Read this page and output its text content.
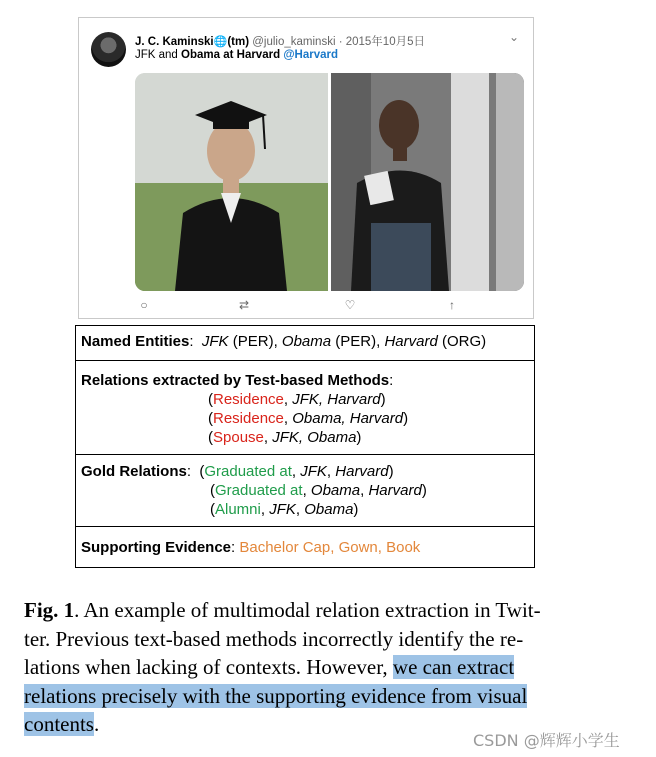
J. C. Kaminski🌐(tm) @julio_kaminski · 2015年10月5日	⌄
JFK and Obama at Harvard @Harvard
○	⇄	♡	↑
Named Entities:  JFK (PER), Obama (PER), Harvard (ORG)
Relations extracted by Test-based Methods:
(Residence, JFK, Harvard)
(Residence, Obama, Harvard)
(Spouse, JFK, Obama)
Gold Relations:  (Graduated at, JFK, Harvard)
(Graduated at, Obama, Harvard)
(Alumni, JFK, Obama)
Supporting Evidence: Bachelor Cap, Gown, Book
Fig. 1. An example of multimodal relation extraction in Twit-
ter. Previous text-based methods incorrectly identify the re-
lations when lacking of contexts. However, we can extract
relations precisely with the supporting evidence from visual
contents.
CSDN @辉辉小学生
